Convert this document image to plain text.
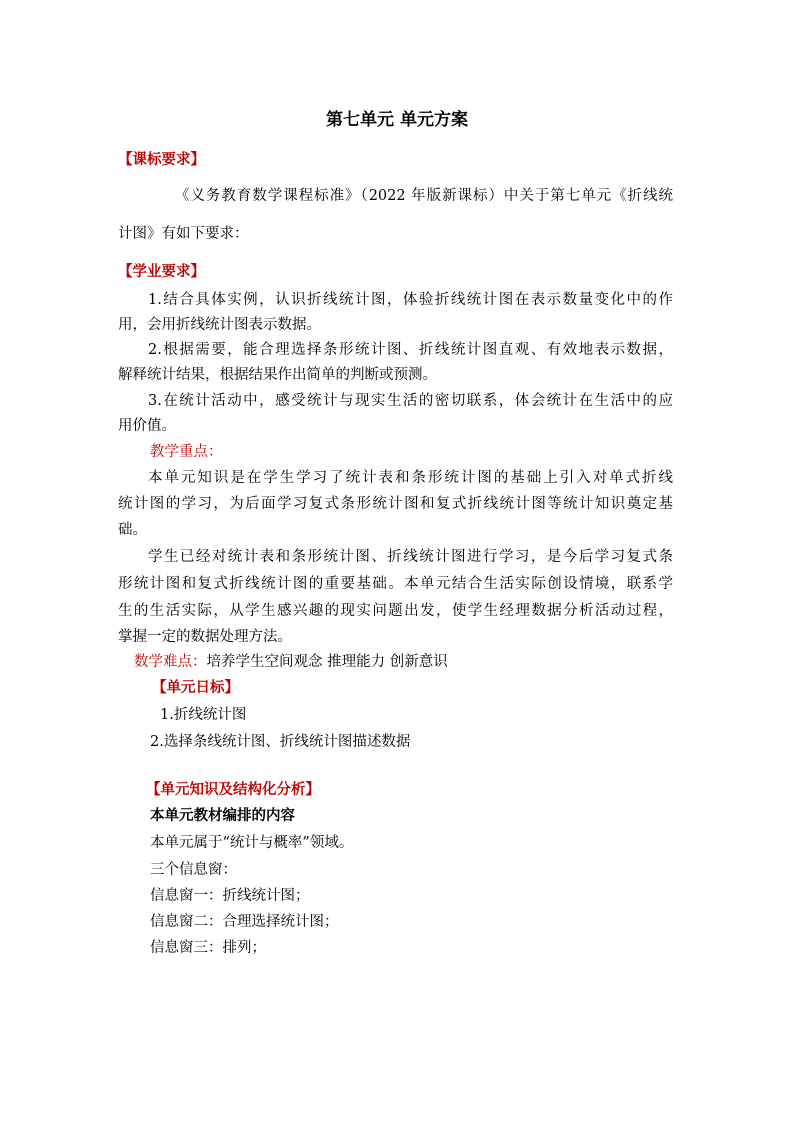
第七单元 单元方案
【课标要求】
《义务教育数学课程标准》（2022 年版新课标）中关于第七单元《折线统
计图》有如下要求：
【学业要求】
1.结合具体实例，认识折线统计图，体验折线统计图在表示数量变化中的作
用，会用折线统计图表示数据。
2.根据需要，能合理选择条形统计图、折线统计图直观、有效地表示数据，
解释统计结果，根据结果作出简单的判断或预测。
3.在统计活动中，感受统计与现实生活的密切联系，体会统计在生活中的应
用价值。
教学重点：
本单元知识是在学生学习了统计表和条形统计图的基础上引入对单式折线
统计图的学习，为后面学习复式条形统计图和复式折线统计图等统计知识奠定基
础。
学生已经对统计表和条形统计图、折线统计图进行学习，是今后学习复式条
形统计图和复式折线统计图的重要基础。本单元结合生活实际创设情境，联系学
生的生活实际，从学生感兴趣的现实问题出发，使学生经理数据分析活动过程，
掌握一定的数据处理方法。
数学难点：培养学生空间观念 推理能力 创新意识
【单元日标】
1.折线统计图
2.选择条线统计图、折线统计图描述数据
【单元知识及结构化分析】
本单元教材编排的内容
本单元属于“统计与概率”领域。
三个信息窗：
信息窗一：折线统计图；
信息窗二：合理选择统计图；
信息窗三：排列；
